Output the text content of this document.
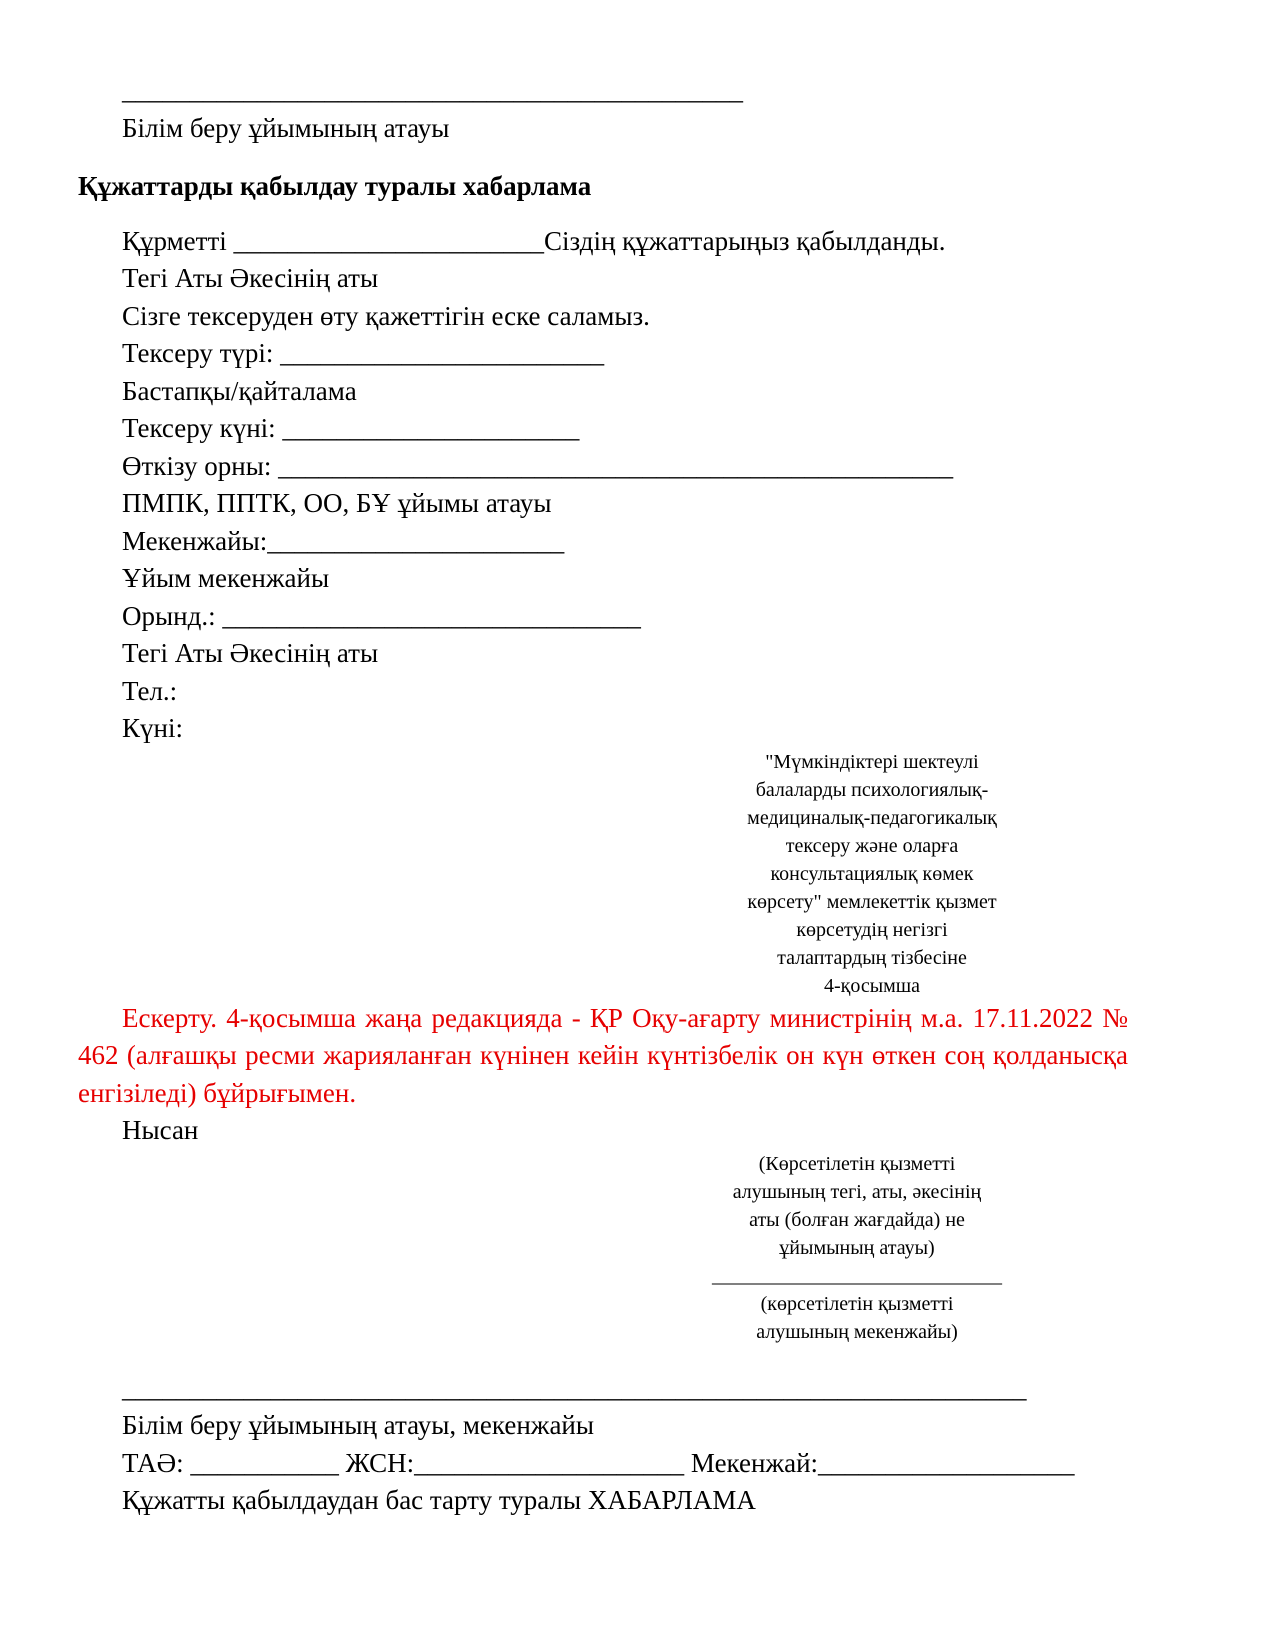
______________________________________________
Білім беру ұйымының атауы
Құжаттарды қабылдау туралы хабарлама
Құрметті _______________________Сіздің құжаттарыңыз қабылданды.
Тегі Аты Әкесінің аты
Сізге тексеруден өту қажеттігін еске саламыз.
Тексеру түрі: ________________________
Бастапқы/қайталама
Тексеру күні: ______________________
Өткізу орны: __________________________________________________
ПМПК, ППТК, ОО, БҰ ұйымы атауы
Мекенжайы:______________________
Ұйым мекенжайы
Орынд.: _______________________________
Тегі Аты Әкесінің аты
Тел.:
Күні:
"Мүмкіндіктері шектеулі
балаларды психологиялық-
медициналық-педагогикалық
тексеру және оларға
консультациялық көмек
көрсету" мемлекеттік қызмет
көрсетудің негізгі
талаптардың тізбесіне
4-қосымша
Ескерту. 4-қосымша жаңа редакцияда - ҚР Оқу-ағарту министрінің м.а. 17.11.2022 № 462 (алғашқы ресми жарияланған күнінен кейін күнтізбелік он күн өткен соң қолданысқа енгізіледі) бұйрығымен.
Нысан
(Көрсетілетін қызметті
алушының тегі, аты, әкесінің
аты (болған жағдайда) не
ұйымының атауы)
_____________________________
(көрсетілетін қызметті
алушының мекенжайы)
___________________________________________________________________
Білім беру ұйымының атауы, мекенжайы
ТАӘ: ___________ ЖСН:____________________ Мекенжай:___________________
Құжатты қабылдаудан бас тарту туралы ХАБАРЛАМА
